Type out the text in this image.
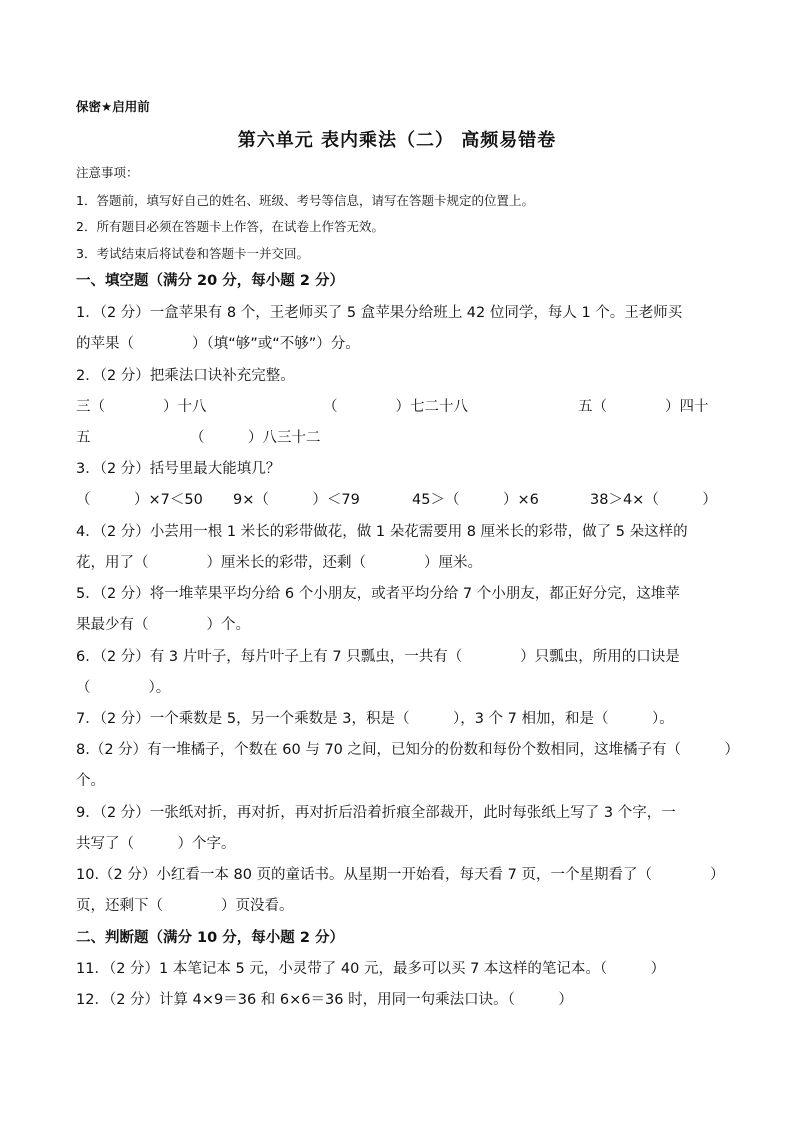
保密★启用前
第六单元 表内乘法（二） 高频易错卷
注意事项：
1．答题前，填写好自己的姓名、班级、考号等信息，请写在答题卡规定的位置上。
2．所有题目必须在答题卡上作答，在试卷上作答无效。
3．考试结束后将试卷和答题卡一并交回。
一、填空题（满分 20 分，每小题 2 分）
1．（2 分）一盒苹果有 8 个，王老师买了 5 盒苹果分给班上 42 位同学，每人 1 个。王老师买
的苹果（　　　　）（填“够”或“不够”）分。
2．（2 分）把乘法口诀补充完整。
三（　　　　）十八	（　　　　）七二十八	五（　　　　）四十
五	（　　　）八三十二
3．（2 分）括号里最大能填几？
（　　　）×7＜50 9×（　　　）＜79	45＞（　　　）×6	38＞4×（　　　）
4．（2 分）小芸用一根 1 米长的彩带做花，做 1 朵花需要用 8 厘米长的彩带，做了 5 朵这样的
花，用了（　　　　）厘米长的彩带，还剩（　　　　）厘米。
5．（2 分）将一堆苹果平均分给 6 个小朋友，或者平均分给 7 个小朋友，都正好分完，这堆苹
果最少有（　　　　）个。
6．（2 分）有 3 片叶子，每片叶子上有 7 只瓢虫，一共有（　　　　）只瓢虫，所用的口诀是
（　　　　）。
7．（2 分）一个乘数是 5，另一个乘数是 3，积是（　　　），3 个 7 相加，和是（　　　）。
8.（2 分）有一堆橘子，个数在 60 与 70 之间，已知分的份数和每份个数相同，这堆橘子有（　　　）
个。
9．（2 分）一张纸对折，再对折，再对折后沿着折痕全部裁开，此时每张纸上写了 3 个字，一
共写了（　　　）个字。
10.（2 分）小红看一本 80 页的童话书。从星期一开始看，每天看 7 页，一个星期看了（　　　　）
页，还剩下（　　　　）页没看。
二、判断题（满分 10 分，每小题 2 分）
11．（2 分）1 本笔记本 5 元，小灵带了 40 元，最多可以买 7 本这样的笔记本。（　　　）
12．（2 分）计算 4×9＝36 和 6×6＝36 时，用同一句乘法口诀。（　　　）
